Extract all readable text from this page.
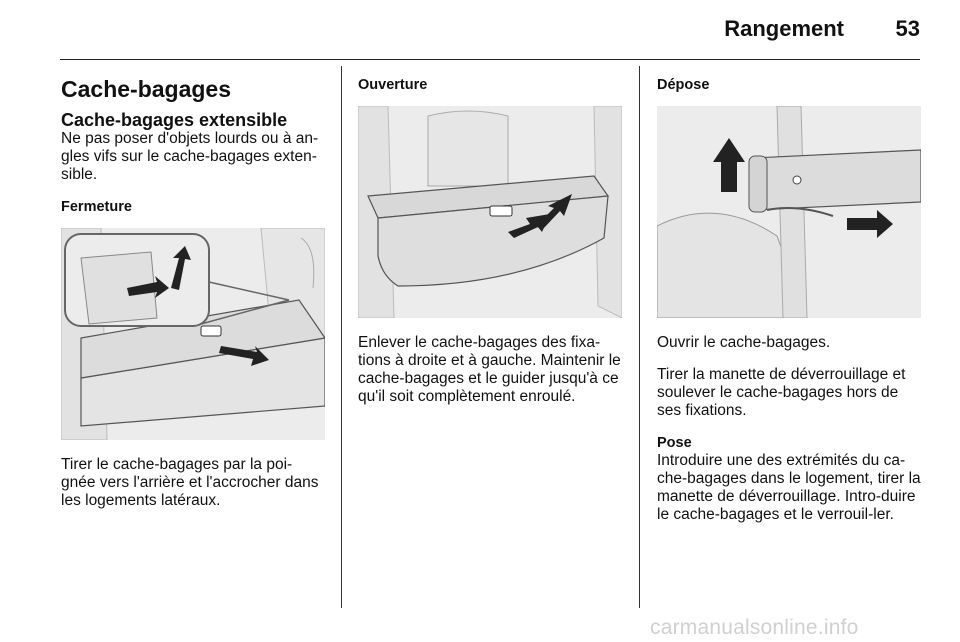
Rangement 53
Cache-bagages
Cache-bagages extensible

Ne pas poser d'objets lourds ou à an-gles vifs sur le cache-bagages exten-sible.

Fermeture

Tirer le cache-bagages par la poi-gnée vers l'arrière et l'accrocher dans les logements latéraux.

Ouverture

Enlever le cache-bagages des fixa-tions à droite et à gauche. Maintenir le cache-bagages et le guider jusqu'à ce qu'il soit complètement enroulé.

Dépose

Ouvrir le cache-bagages.

Tirer la manette de déverrouillage et soulever le cache-bagages hors de ses fixations.

Pose

Introduire une des extrémités du ca-che-bagages dans le logement, tirer la manette de déverrouillage. Intro-duire le cache-bagages et le verrouil-ler.

carmanualsonline.info
